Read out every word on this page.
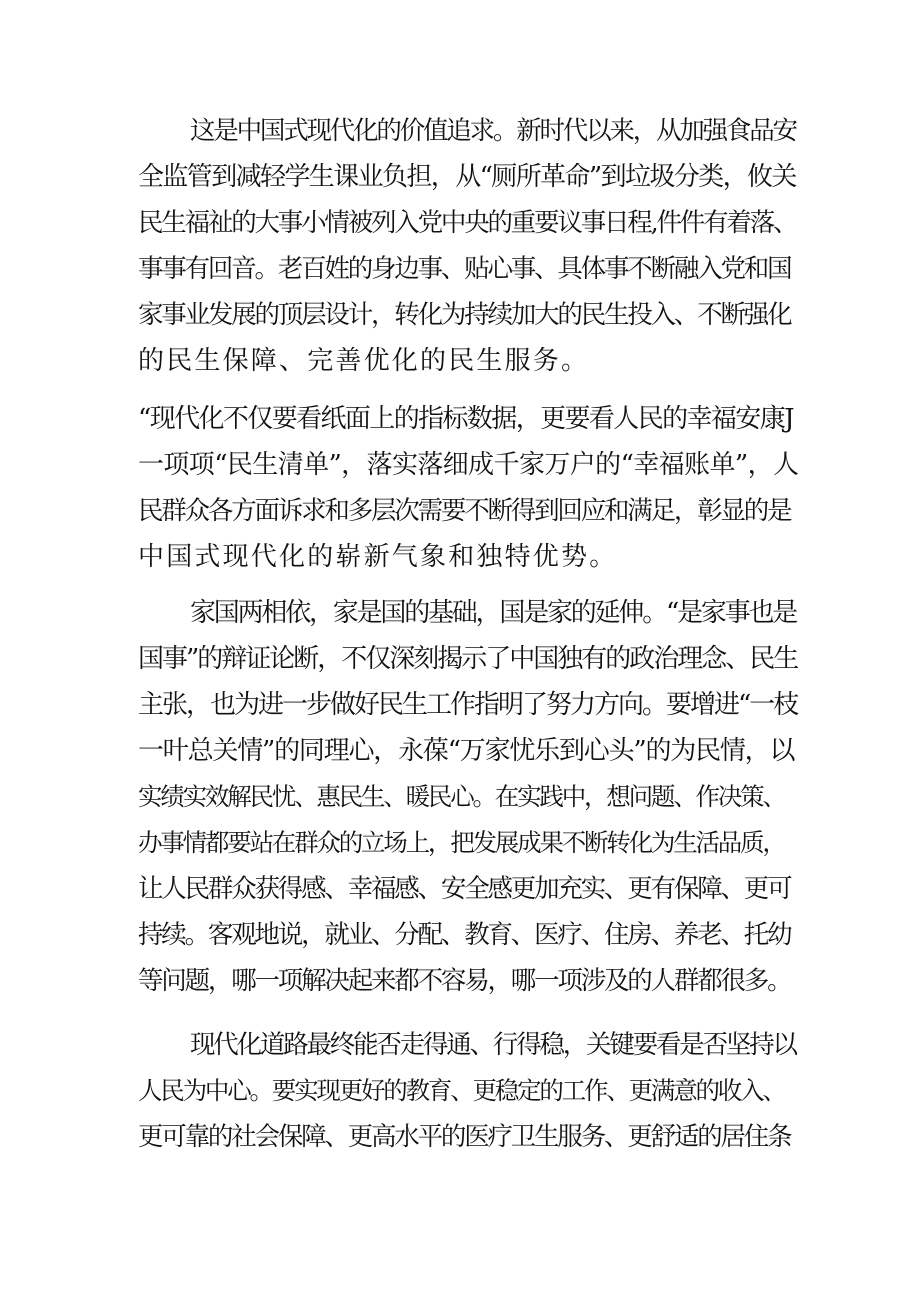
这是中国式现代化的价值追求。新时代以来，从加强食品安
全监管到减轻学生课业负担，从“厕所革命”到垃圾分类，攸关
民生福祉的大事小情被列入党中央的重要议事日程,件件有着落、
事事有回音。老百姓的身边事、贴心事、具体事不断融入党和国
家事业发展的顶层设计，转化为持续加大的民生投入、不断强化
的民生保障、完善优化的民生服务。
“现代化不仅要看纸面上的指标数据，更要看人民的幸福安康J
一项项“民生清单”，落实落细成千家万户的“幸福账单”，人
民群众各方面诉求和多层次需要不断得到回应和满足，彰显的是
中国式现代化的崭新气象和独特优势。
家国两相依，家是国的基础，国是家的延伸。“是家事也是
国事”的辩证论断，不仅深刻揭示了中国独有的政治理念、民生
主张，也为进一步做好民生工作指明了努力方向。要增进“一枝
一叶总关情”的同理心，永葆“万家忧乐到心头”的为民情，以
实绩实效解民忧、惠民生、暖民心。在实践中，想问题、作决策、
办事情都要站在群众的立场上，把发展成果不断转化为生活品质，
让人民群众获得感、幸福感、安全感更加充实、更有保障、更可
持续。客观地说，就业、分配、教育、医疗、住房、养老、托幼
等问题，哪一项解决起来都不容易，哪一项涉及的人群都很多。
现代化道路最终能否走得通、行得稳，关键要看是否坚持以
人民为中心。要实现更好的教育、更稳定的工作、更满意的收入、
更可靠的社会保障、更高水平的医疗卫生服务、更舒适的居住条
